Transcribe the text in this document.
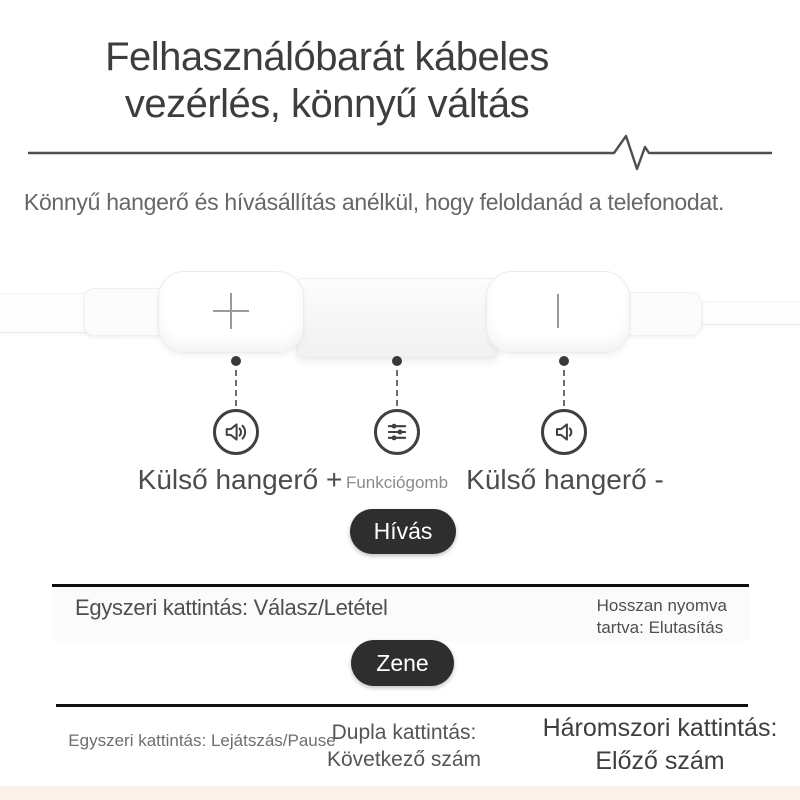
Felhasználóbarát kábeles
vezérlés, könnyű váltás
Könnyű hangerő és hívásállítás anélkül, hogy feloldanád a telefonodat.
Külső hangerő + Funkciógomb Külső hangerő -
Hívás
Egyszeri kattintás: Válasz/Letétel	Hosszan nyomva
tartva: Elutasítás
Zene
Egyszeri kattintás: Lejátszás/Pause
Dupla kattintás:
Következő szám
Háromszori kattintás:
Előző szám
